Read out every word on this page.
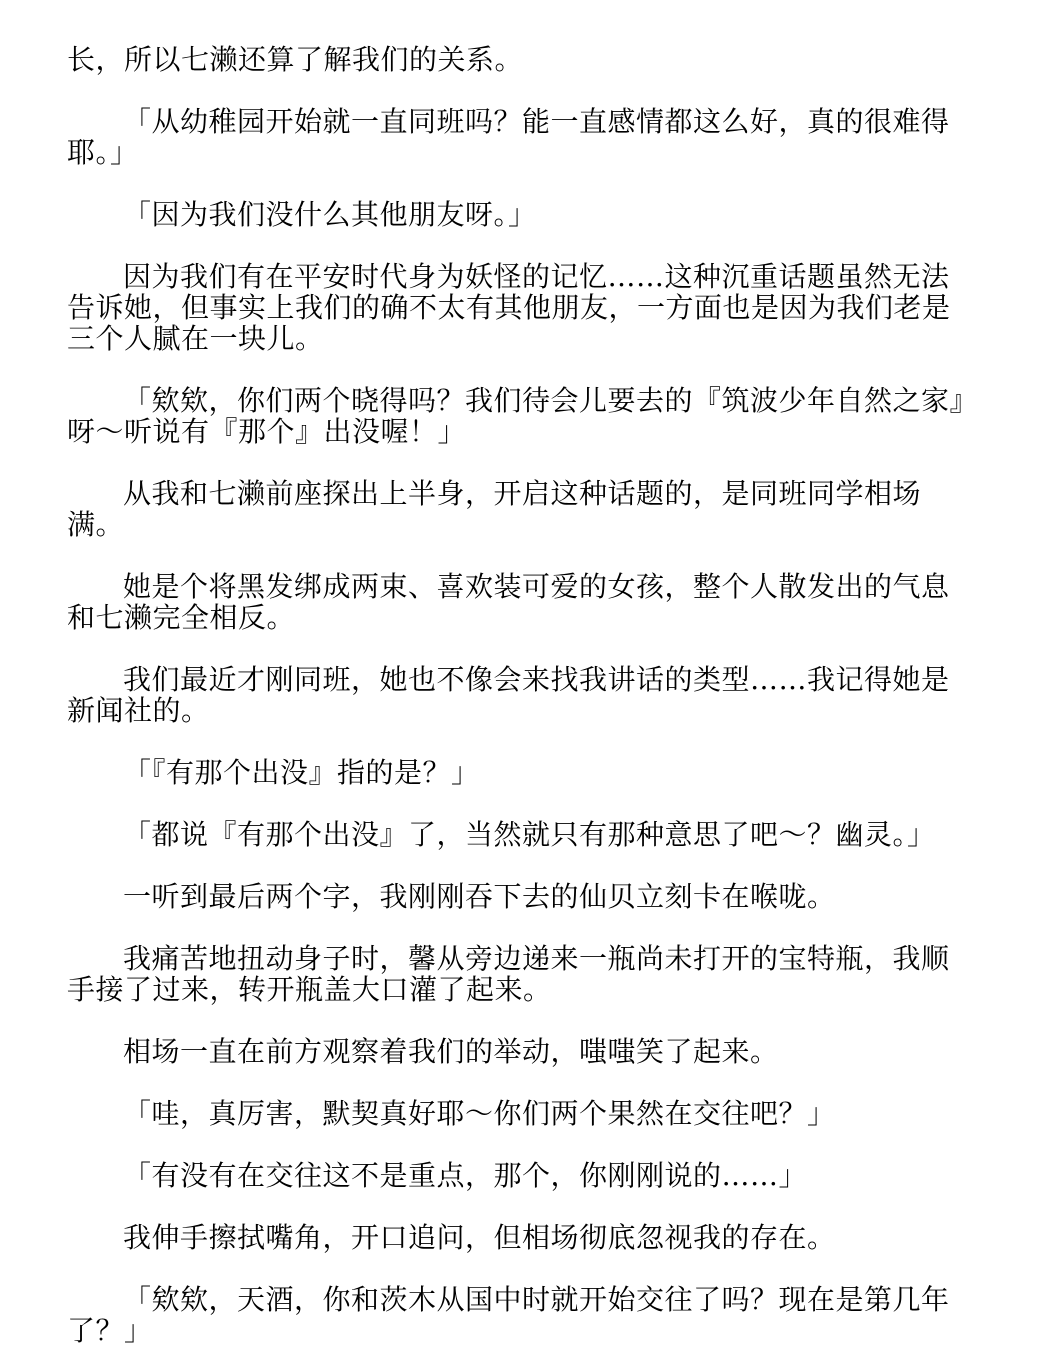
长，所以七濑还算了解我们的关系。

「从幼稚园开始就一直同班吗？能一直感情都这么好，真的很难得耶。」

「因为我们没什么其他朋友呀。」

因为我们有在平安时代身为妖怪的记忆……这种沉重话题虽然无法告诉她，但事实上我们的确不太有其他朋友，一方面也是因为我们老是三个人腻在一块儿。

「欸欸，你们两个晓得吗？我们待会儿要去的『筑波少年自然之家』呀～听说有『那个』出没喔！」

从我和七濑前座探出上半身，开启这种话题的，是同班同学相场满。

她是个将黑发绑成两束、喜欢装可爱的女孩，整个人散发出的气息和七濑完全相反。

我们最近才刚同班，她也不像会来找我讲话的类型……我记得她是新闻社的。

「『有那个出没』指的是？」

「都说『有那个出没』了，当然就只有那种意思了吧～？幽灵。」

一听到最后两个字，我刚刚吞下去的仙贝立刻卡在喉咙。

我痛苦地扭动身子时，馨从旁边递来一瓶尚未打开的宝特瓶，我顺手接了过来，转开瓶盖大口灌了起来。

相场一直在前方观察着我们的举动，嗤嗤笑了起来。

「哇，真厉害，默契真好耶～你们两个果然在交往吧？」

「有没有在交往这不是重点，那个，你刚刚说的……」

我伸手擦拭嘴角，开口追问，但相场彻底忽视我的存在。

「欸欸，天酒，你和茨木从国中时就开始交往了吗？现在是第几年了？」
